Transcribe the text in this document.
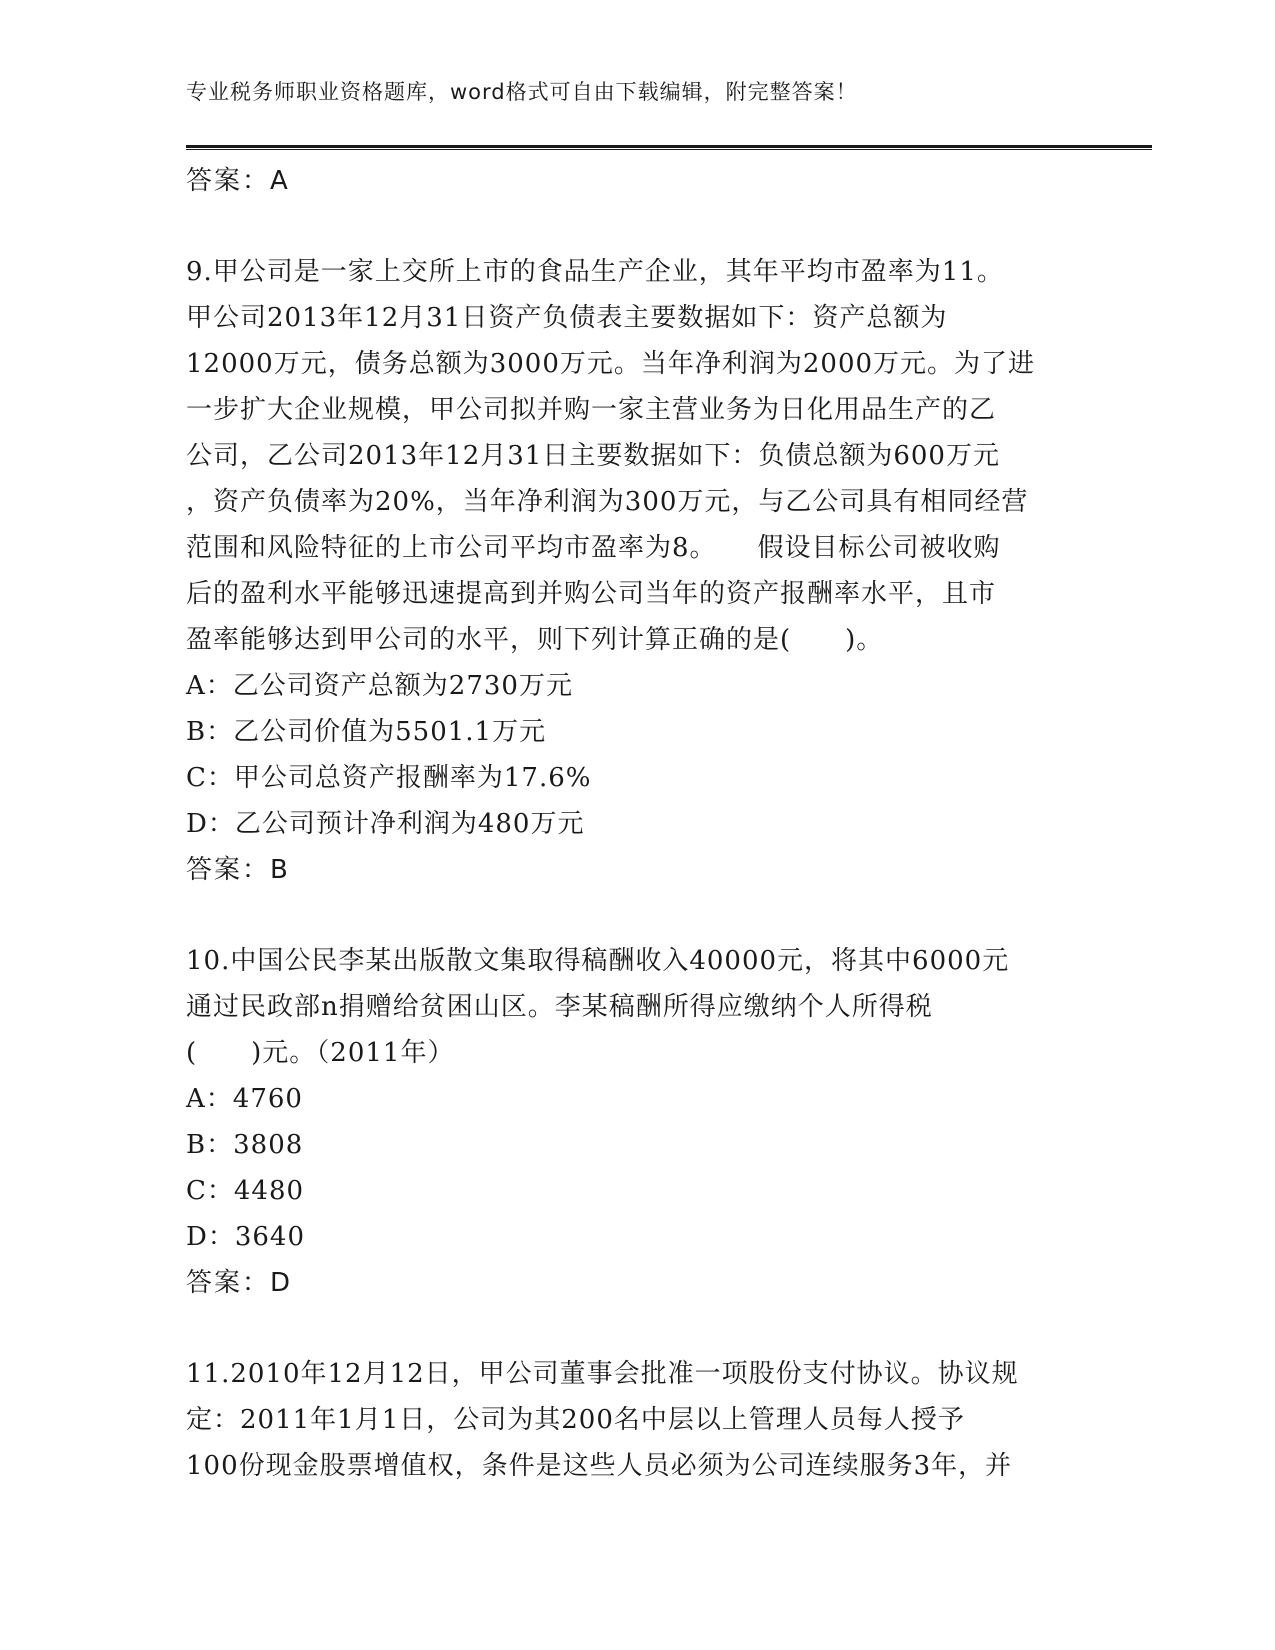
专业税务师职业资格题库，word格式可自由下载编辑，附完整答案！
答案：A
9.甲公司是一家上交所上市的食品生产企业，其年平均市盈率为11。
甲公司2013年12月31日资产负债表主要数据如下：资产总额为
12000万元，债务总额为3000万元。当年净利润为2000万元。为了进
一步扩大企业规模，甲公司拟并购一家主营业务为日化用品生产的乙
公司，乙公司2013年12月31日主要数据如下：负债总额为600万元
，资产负债率为20%，当年净利润为300万元，与乙公司具有相同经营
范围和风险特征的上市公司平均市盈率为8。　　假设目标公司被收购
后的盈利水平能够迅速提高到并购公司当年的资产报酬率水平，且市
盈率能够达到甲公司的水平，则下列计算正确的是(　　)。
A：乙公司资产总额为2730万元
B：乙公司价值为5501.1万元
C：甲公司总资产报酬率为17.6%
D：乙公司预计净利润为480万元
答案：B
10.中国公民李某出版散文集取得稿酬收入40000元，将其中6000元
通过民政部n捐赠给贫困山区。李某稿酬所得应缴纳个人所得税
(　　)元。（2011年）
A：4760
B：3808
C：4480
D：3640
答案：D
11.2010年12月12日，甲公司董事会批准一项股份支付协议。协议规
定：2011年1月1日，公司为其200名中层以上管理人员每人授予
100份现金股票增值权，条件是这些人员必须为公司连续服务3年，并
